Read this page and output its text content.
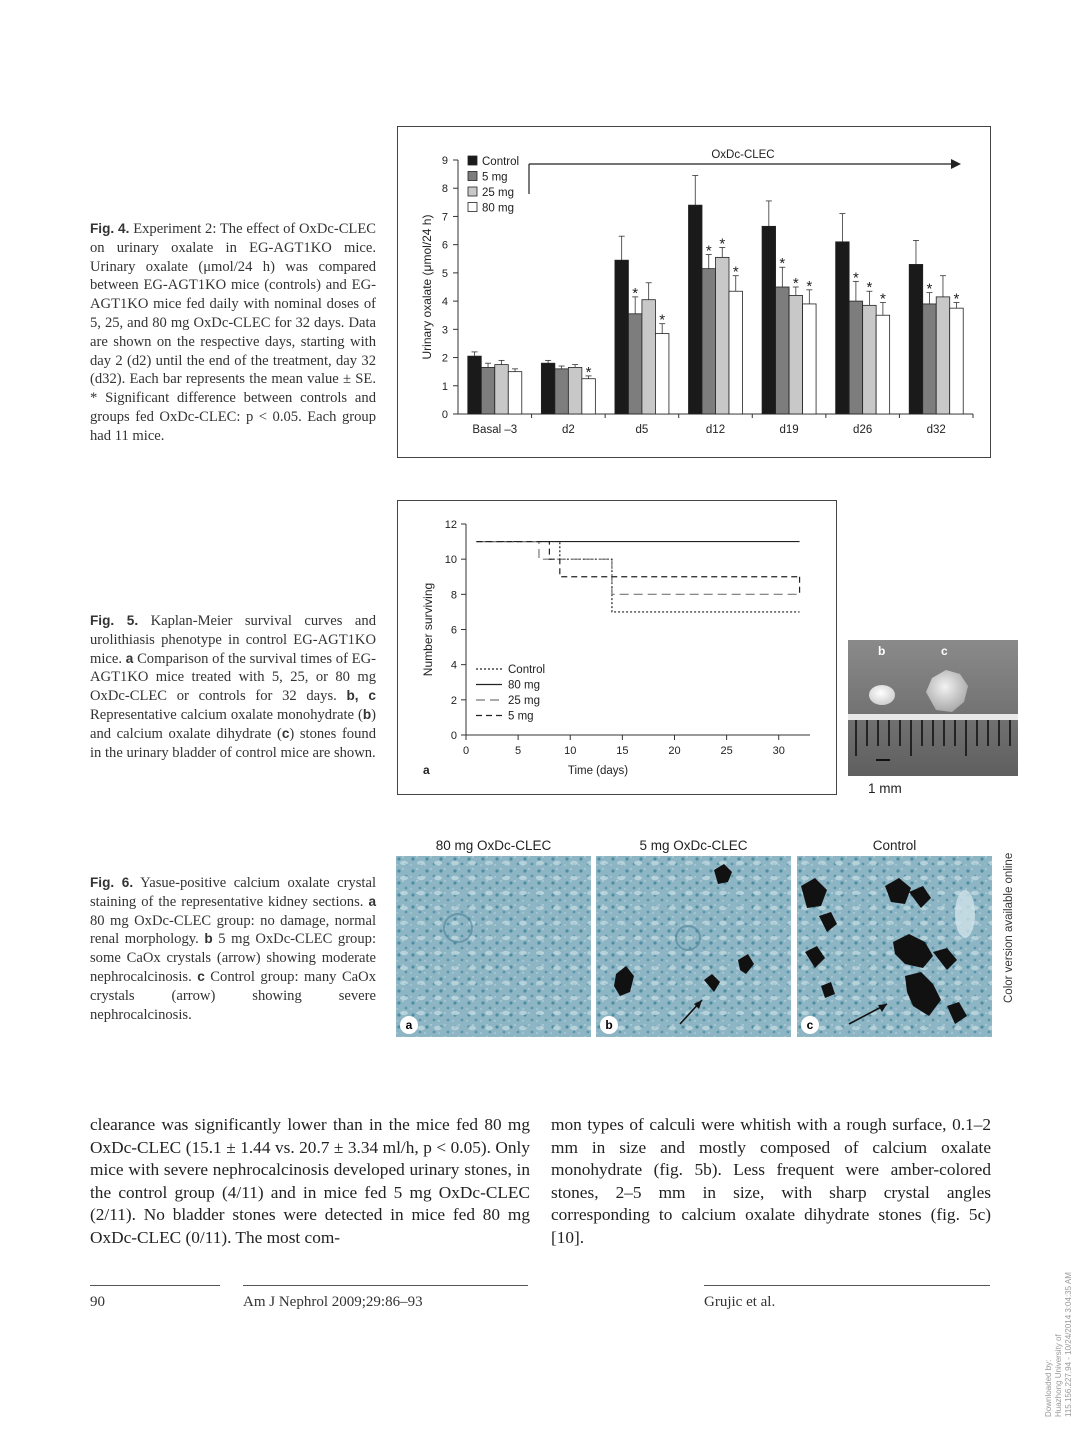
Fig. 4. Experiment 2: The effect of OxDc-CLEC on urinary oxalate in EG-AGT1KO mice. Urinary oxalate (μmol/24 h) was compared between EG-AGT1KO mice (controls) and EG-AGT1KO mice fed daily with nominal doses of 5, 25, and 80 mg OxDc-CLEC for 32 days. Data are shown on the respective days, starting with day 2 (d2) until the end of the treatment, day 32 (d32). Each bar represents the mean value ± SE. * Significant difference between controls and groups fed OxDc-CLEC: p < 0.05. Each group had 11 mice.
0
1
2
3
4
5
6
7
8
9
Urinary oxalate (μmol/24 h)
Basal –3	d2
*
d5
*
*
d12
* *
*
d19
*
* *
d26
*
*
*
d32
*
*
Control
5 mg
25 mg
80 mg
OxDc-CLEC
Fig. 5. Kaplan-Meier survival curves and urolithiasis phenotype in control EG-AGT1KO mice. a Comparison of the survival times of EG-AGT1KO mice treated with 5, 25, or 80 mg OxDc-CLEC or controls for 32 days. b, c Representative calcium oxalate monohydrate (b) and calcium oxalate dihydrate (c) stones found in the urinary bladder of control mice are shown.
0
2
4
6
8
10
12
0	5	10	15	20	25	30
Time (days)
Number surviving	Control
80 mg
25 mg
5 mg
a
b	c
1 mm
Fig. 6. Yasue-positive calcium oxalate crystal staining of the representative kidney sections. a 80 mg OxDc-CLEC group: no damage, normal renal morphology. b 5 mg OxDc-CLEC group: some CaOx crystals (arrow) showing moderate nephrocalcinosis. c Control group: many CaOx crystals (arrow) showing severe nephrocalcinosis.
80 mg OxDc-CLEC	5 mg OxDc-CLEC	Control
a	b	c
Color version available online
clearance was significantly lower than in the mice fed 80 mg OxDc-CLEC (15.1 ± 1.44 vs. 20.7 ± 3.34 ml/h, p < 0.05). Only mice with severe nephrocalcinosis developed urinary stones, in the control group (4/11) and in mice fed 5 mg OxDc-CLEC (2/11). No bladder stones were detected in mice fed 80 mg OxDc-CLEC (0/11). The most com-
mon types of calculi were whitish with a rough surface, 0.1–2 mm in size and mostly composed of calcium oxalate monohydrate (fig. 5b). Less frequent were amber-colored stones, 2–5 mm in size, with sharp crystal angles corresponding to calcium oxalate dihydrate stones (fig. 5c) [10].
90	Am J Nephrol 2009;29:86–93	Grujic et al.
Downloaded by: Huazhong University of 115.156.227.94 - 10/24/2014 3:04:35 AM
